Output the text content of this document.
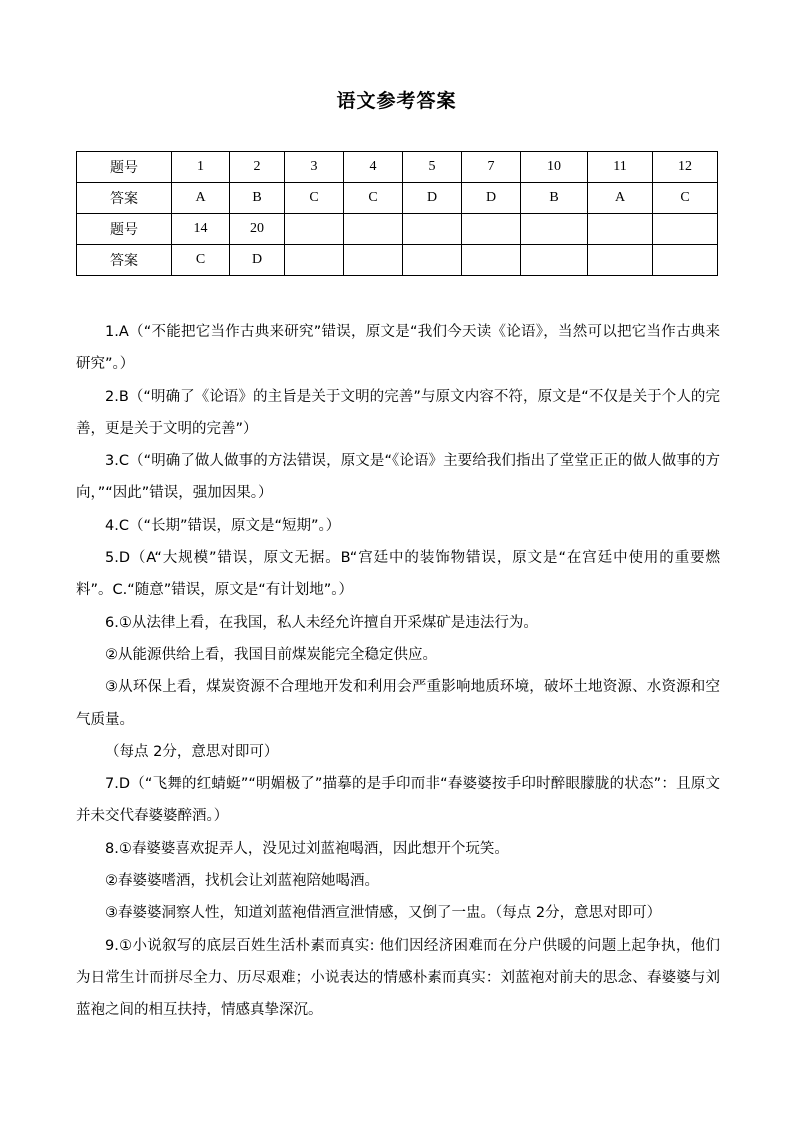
语文参考答案
题号	1	2	3	4	5	7	10	11	12
答案	A	B	C	C	D	D	B	A	C
题号	14	20							
答案	C	D							

1.A（“不能把它当作古典来研究”错误，原文是“我们今天读《论语》，当然可以把它当作古典来研究”。）

2.B（“明确了《论语》的主旨是关于文明的完善”与原文内容不符，原文是“不仅是关于个人的完善，更是关于文明的完善”）

3.C（“明确了做人做事的方法错误，原文是“《论语》主要给我们指出了堂堂正正的做人做事的方向，”“因此”错误，强加因果。）

4.C（“长期”错误，原文是“短期”。）

5.D（A“大规模”错误，原文无据。B“宫廷中的装饰物错误，原文是“在宫廷中使用的重要燃料”。C.“随意”错误，原文是“有计划地”。）

6.①从法律上看，在我国，私人未经允许擅自开采煤矿是违法行为。

②从能源供给上看，我国目前煤炭能完全稳定供应。

③从环保上看，煤炭资源不合理地开发和利用会严重影响地质环境，破坏土地资源、水资源和空气质量。

（每点 2分，意思对即可）

7.D（“飞舞的红蜻蜓”“明媚极了”描摹的是手印而非“春婆婆按手印时醉眼朦胧的状态”：且原文并未交代春婆婆醉酒。）

8.①春婆婆喜欢捉弄人，没见过刘蓝袍喝酒，因此想开个玩笑。

②春婆婆嗜酒，找机会让刘蓝袍陪她喝酒。

③春婆婆洞察人性，知道刘蓝袍借酒宣泄情感，又倒了一盅。（每点 2分，意思对即可）

9.①小说叙写的底层百姓生活朴素而真实: 他们因经济困难而在分户供暖的问题上起争执，他们为日常生计而拼尽全力、历尽艰难；小说表达的情感朴素而真实：刘蓝袍对前夫的思念、春婆婆与刘蓝袍之间的相互扶持，情感真挚深沉。
